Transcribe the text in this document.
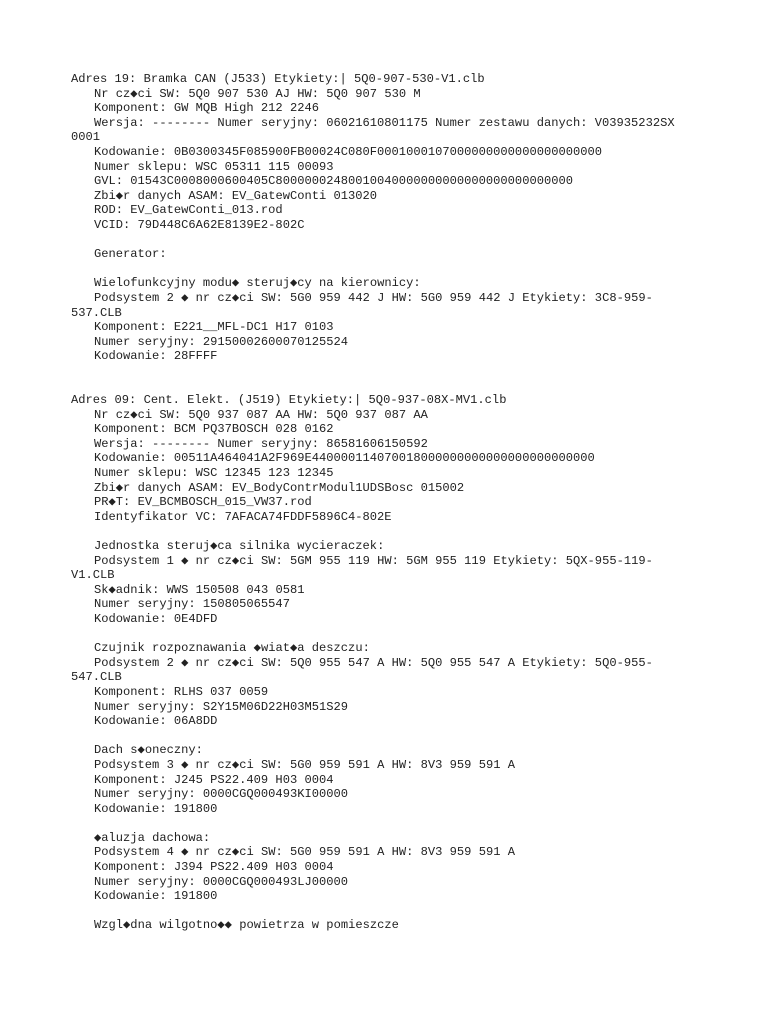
Adres 19: Bramka CAN (J533) Etykiety:| 5Q0-907-530-V1.clb
Nr cz◆ci SW: 5Q0 907 530 AJ HW: 5Q0 907 530 M
Komponent: GW MQB High 212 2246
Wersja: -------- Numer seryjny: 06021610801175 Numer zestawu danych: V03935232SX
0001
Kodowanie: 0B0300345F085900FB00024C080F0001000107000000000000000000000
Numer sklepu: WSC 05311 115 00093
GVL: 01543C0008000600405C80000002480010040000000000000000000000000
Zbi◆r danych ASAM: EV_GatewConti 013020
ROD: EV_GatewConti_013.rod
VCID: 79D448C6A62E8139E2-802C
Generator:
Wielofunkcyjny modu◆ steruj◆cy na kierownicy:
Podsystem 2 ◆ nr cz◆ci SW: 5G0 959 442 J HW: 5G0 959 442 J Etykiety: 3C8-959-
537.CLB
Komponent: E221__MFL-DC1 H17 0103
Numer seryjny: 29150002600070125524
Kodowanie: 28FFFF
Adres 09: Cent. Elekt. (J519) Etykiety:| 5Q0-937-08X-MV1.clb
Nr cz◆ci SW: 5Q0 937 087 AA HW: 5Q0 937 087 AA
Komponent: BCM PQ37BOSCH 028 0162
Wersja: -------- Numer seryjny: 86581606150592
Kodowanie: 00511A464041A2F969E440000114070018000000000000000000000000
Numer sklepu: WSC 12345 123 12345
Zbi◆r danych ASAM: EV_BodyContrModul1UDSBosc 015002
PR◆T: EV_BCMBOSCH_015_VW37.rod
Identyfikator VC: 7AFACA74FDDF5896C4-802E
Jednostka steruj◆ca silnika wycieraczek:
Podsystem 1 ◆ nr cz◆ci SW: 5GM 955 119 HW: 5GM 955 119 Etykiety: 5QX-955-119-
V1.CLB
Sk◆adnik: WWS 150508 043 0581
Numer seryjny: 150805065547
Kodowanie: 0E4DFD
Czujnik rozpoznawania ◆wiat◆a deszczu:
Podsystem 2 ◆ nr cz◆ci SW: 5Q0 955 547 A HW: 5Q0 955 547 A Etykiety: 5Q0-955-
547.CLB
Komponent: RLHS 037 0059
Numer seryjny: S2Y15M06D22H03M51S29
Kodowanie: 06A8DD
Dach s◆oneczny:
Podsystem 3 ◆ nr cz◆ci SW: 5G0 959 591 A HW: 8V3 959 591 A
Komponent: J245 PS22.409 H03 0004
Numer seryjny: 0000CGQ000493KI00000
Kodowanie: 191800
◆aluzja dachowa:
Podsystem 4 ◆ nr cz◆ci SW: 5G0 959 591 A HW: 8V3 959 591 A
Komponent: J394 PS22.409 H03 0004
Numer seryjny: 0000CGQ000493LJ00000
Kodowanie: 191800
Wzgl◆dna wilgotno◆◆ powietrza w pomieszcze
